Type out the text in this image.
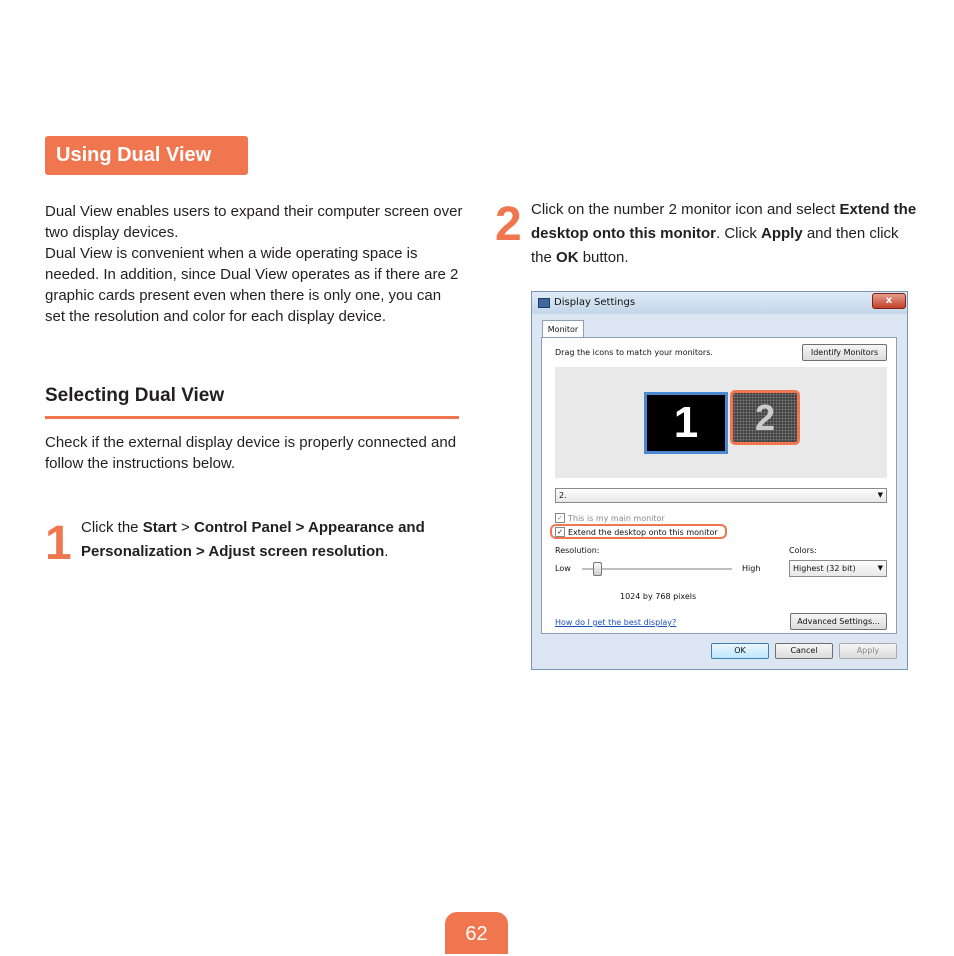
Using Dual View
Dual View enables users to expand their computer screen over two display devices.
Dual View is convenient when a wide operating space is needed. In addition, since Dual View operates as if there are 2 graphic cards present even when there is only one, you can set the resolution and color for each display device.
Selecting Dual View
Check if the external display device is properly connected and follow the instructions below.
1 Click the Start > Control Panel > Appearance and Personalization > Adjust screen resolution.
2 Click on the number 2 monitor icon and select Extend the desktop onto this monitor. Click Apply and then click the OK button.
Display Settings	x
Monitor
Drag the icons to match your monitors.	Identify Monitors
1	2
2.	▼
✓ This is my main monitor
✓ Extend the desktop onto this monitor
Resolution:
Low	High
1024 by 768 pixels
Colors:
Highest (32 bit)	▼
How do I get the best display?	Advanced Settings...
OK	Cancel	Apply
62
